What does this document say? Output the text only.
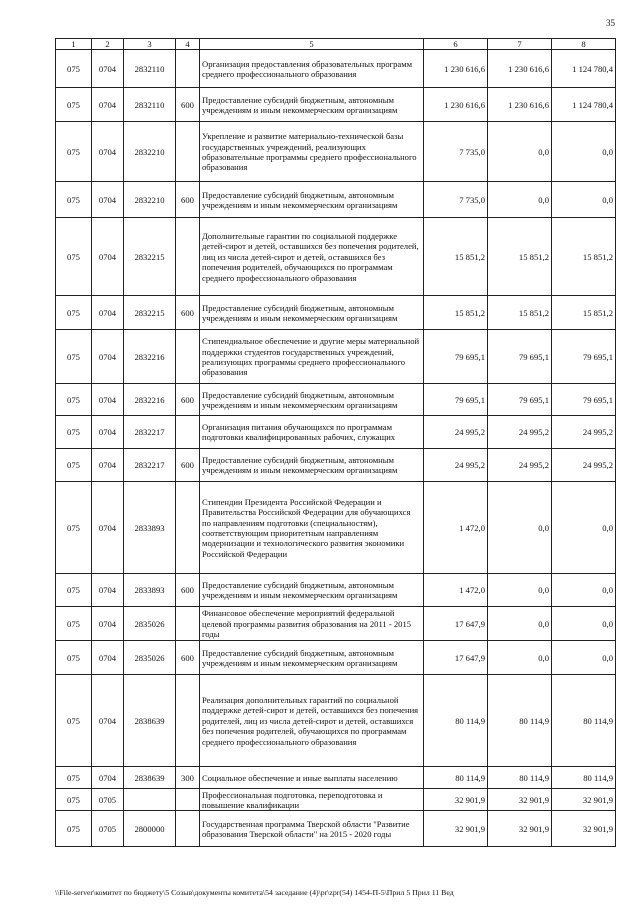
35
1	2	3	4	5	6	7	8
075	0704	2832110		Организация предоставления образовательных программ среднего профессионального образования	1 230 616,6	1 230 616,6	1 124 780,4
075	0704	2832110	600	Предоставление субсидий бюджетным, автономным учреждениям и иным некоммерческим организациям	1 230 616,6	1 230 616,6	1 124 780,4
075	0704	2832210		Укрепление и развитие материально-технической базы государственных учреждений, реализующих образовательные программы среднего профессионального образования	7 735,0	0,0	0,0
075	0704	2832210	600	Предоставление субсидий бюджетным, автономным учреждениям и иным некоммерческим организациям	7 735,0	0,0	0,0
075	0704	2832215		Дополнительные гарантии по социальной поддержке детей-сирот и детей, оставшихся без попечения родителей, лиц из числа детей-сирот и детей, оставшихся без попечения родителей, обучающихся по программам среднего профессионального образования	15 851,2	15 851,2	15 851,2
075	0704	2832215	600	Предоставление субсидий бюджетным, автономным учреждениям и иным некоммерческим организациям	15 851,2	15 851,2	15 851,2
075	0704	2832216		Стипендиальное обеспечение и другие меры материальной поддержки студентов государственных учреждений, реализующих программы среднего профессионального образования	79 695,1	79 695,1	79 695,1
075	0704	2832216	600	Предоставление субсидий бюджетным, автономным учреждениям и иным некоммерческим организациям	79 695,1	79 695,1	79 695,1
075	0704	2832217		Организация питания обучающихся по программам подготовки квалифицированных рабочих, служащих	24 995,2	24 995,2	24 995,2
075	0704	2832217	600	Предоставление субсидий бюджетным, автономным учреждениям и иным некоммерческим организациям	24 995,2	24 995,2	24 995,2
075	0704	2833893		Стипендии Президента Российской Федерации и Правительства Российской Федерации для обучающихся по направлениям подготовки (специальностям), соответствующим приоритетным направлениям модернизации и технологического развития экономики Российской Федерации	1 472,0	0,0	0,0
075	0704	2833893	600	Предоставление субсидий бюджетным, автономным учреждениям и иным некоммерческим организациям	1 472,0	0,0	0,0
075	0704	2835026		Финансовое обеспечение мероприятий федеральной целевой программы развития образования на 2011 - 2015 годы	17 647,9	0,0	0,0
075	0704	2835026	600	Предоставление субсидий бюджетным, автономным учреждениям и иным некоммерческим организациям	17 647,9	0,0	0,0
075	0704	2838639		Реализация дополнительных гарантий по социальной поддержке детей-сирот и детей, оставшихся без попечения родителей, лиц из числа детей-сирот и детей, оставшихся без попечения родителей, обучающихся по программам среднего профессионального образования	80 114,9	80 114,9	80 114,9
075	0704	2838639	300	Социальное обеспечение и иные выплаты населению	80 114,9	80 114,9	80 114,9
075	0705			Профессиональная подготовка, переподготовка и повышение квалификации	32 901,9	32 901,9	32 901,9
075	0705	2800000		Государственная программа Тверской области "Развитие образования Тверской области" на 2015 - 2020 годы	32 901,9	32 901,9	32 901,9
\\File-server\комитет по бюджету\5 Созыв\документы комитета\54 заседание (4)\pr\zpr(54) 1454-П-5\Прил 5 Прил 11 Вед
